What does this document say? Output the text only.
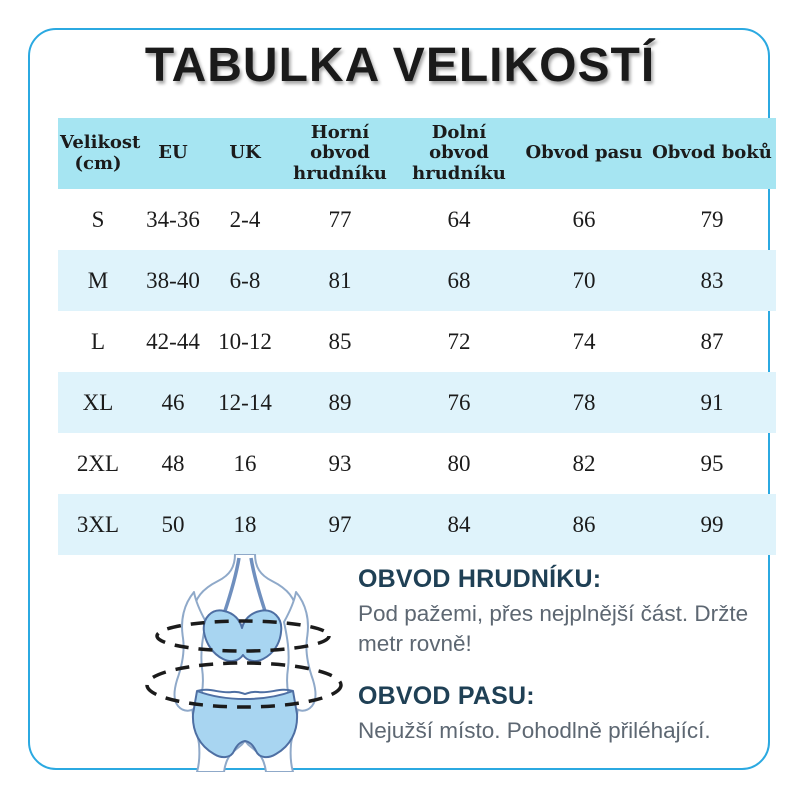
TABULKA VELIKOSTÍ
Velikost (cm)	EU	UK	Horní obvod hrudníku	Dolní obvod hrudníku	Obvod pasu	Obvod boků
S	34-36	2-4	77	64	66	79
M	38-40	6-8	81	68	70	83
L	42-44	10-12	85	72	74	87
XL	46	12-14	89	76	78	91
2XL	48	16	93	80	82	95
3XL	50	18	97	84	86	99
OBVOD HRUDNÍKU:

Pod pažemi, přes nejplnější část. Držte metr rovně!

OBVOD PASU:

Nejužší místo. Pohodlně přiléhající.
